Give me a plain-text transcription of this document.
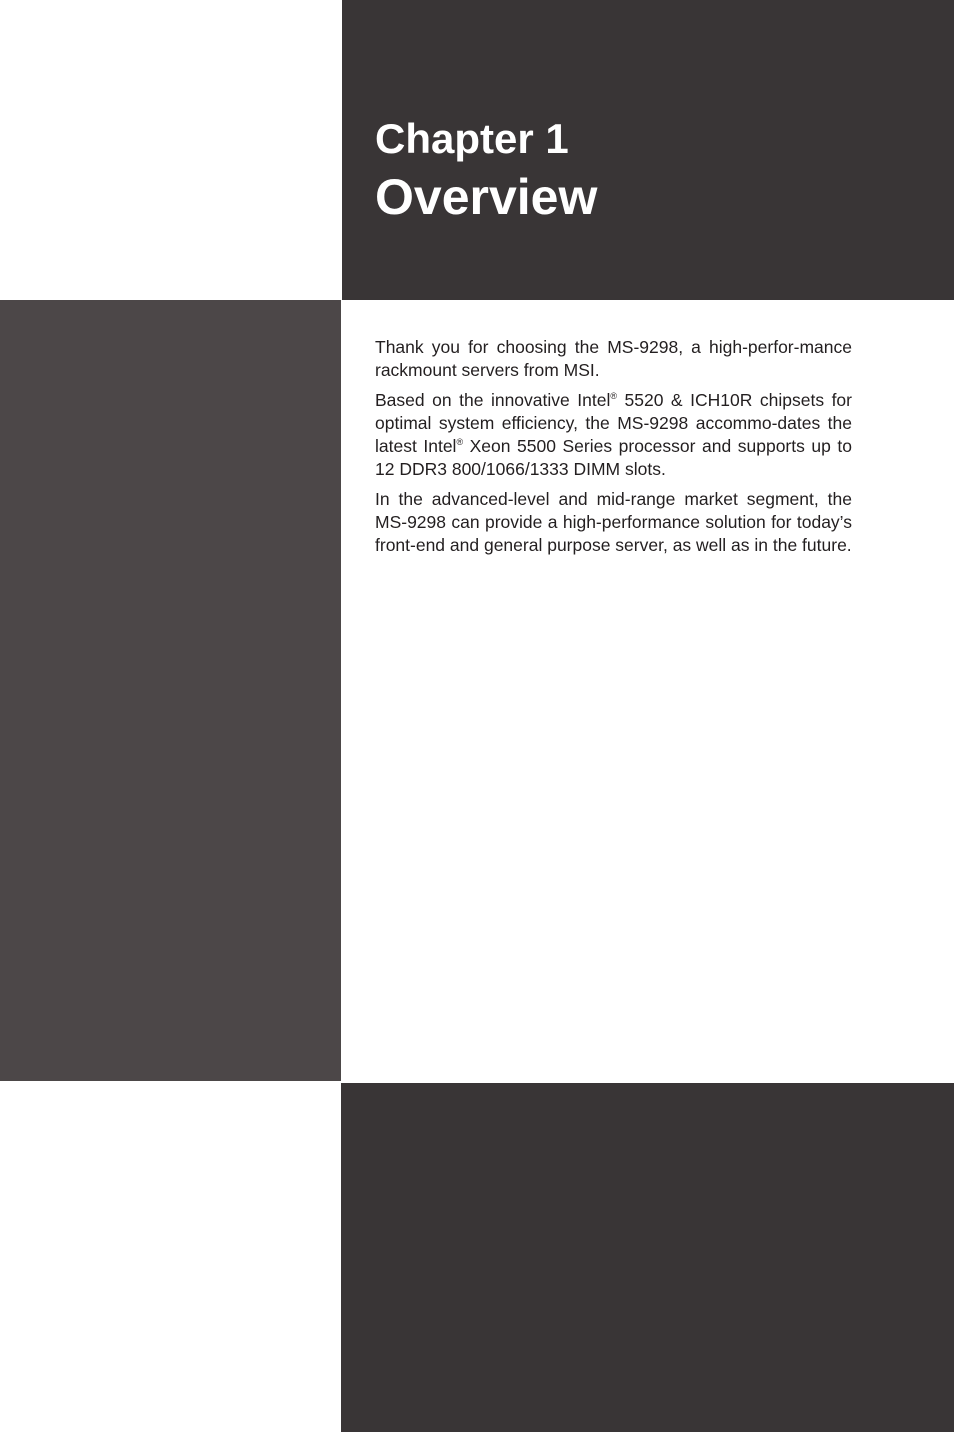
Chapter 1
Overview

Thank you for choosing the MS-9298, a high-perfor-mance rackmount servers from MSI.

Based on the innovative Intel® 5520 & ICH10R chipsets for optimal system efficiency, the MS-9298 accommo-dates the latest Intel® Xeon 5500 Series processor and supports up to 12 DDR3 800/1066/1333 DIMM slots.

In the advanced-level and mid-range market segment, the MS-9298 can provide a high-performance solution for today’s front-end and general purpose server, as well as in the future.
